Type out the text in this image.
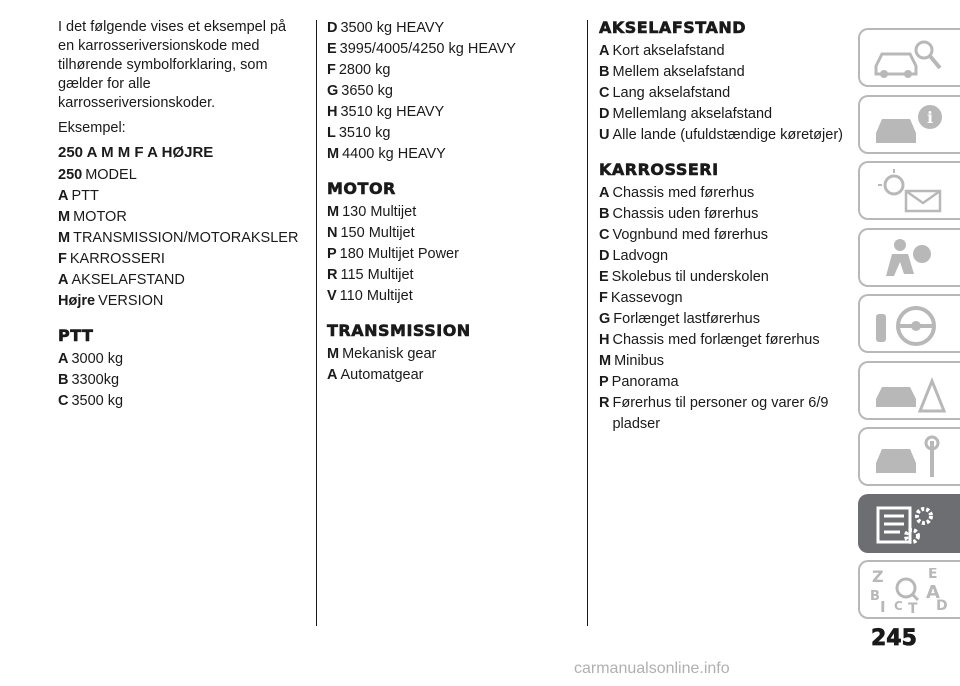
I det følgende vises et eksempel på en karrosseriversionskode med tilhørende symbolforklaring, som gælder for alle karrosseriversionskoder.

Eksempel:

250 A M M F A HØJRE
250 MODEL
A PTT
M MOTOR
M TRANSMISSION/MOTORAKSLER
F KARROSSERI
A AKSELAFSTAND
Højre VERSION
PTT
A 3000 kg
B 3300kg
C 3500 kg
D 3500 kg HEAVY
E 3995/4005/4250 kg HEAVY
F 2800 kg
G 3650 kg
H 3510 kg HEAVY
L 3510 kg
M 4400 kg HEAVY
MOTOR
M 130 Multijet
N 150 Multijet
P 180 Multijet Power
R 115 Multijet
V 110 Multijet
TRANSMISSION
M Mekanisk gear
A Automatgear
AKSELAFSTAND
A Kort akselafstand
B Mellem akselafstand
C Lang akselafstand
D Mellemlang akselafstand
U Alle lande (ufuldstændige køretøjer)
KARROSSERI
A Chassis med førerhus
B Chassis uden førerhus
C Vognbund med førerhus
D Ladvogn
E Skolebus til underskolen
F Kassevogn
G Forlænget lastførerhus
H Chassis med forlænget førerhus
M Minibus
P Panorama
R Førerhus til personer og varer 6/9 pladser
i
Z	E
B	A
C D
I T
245
carmanualsonline.info
